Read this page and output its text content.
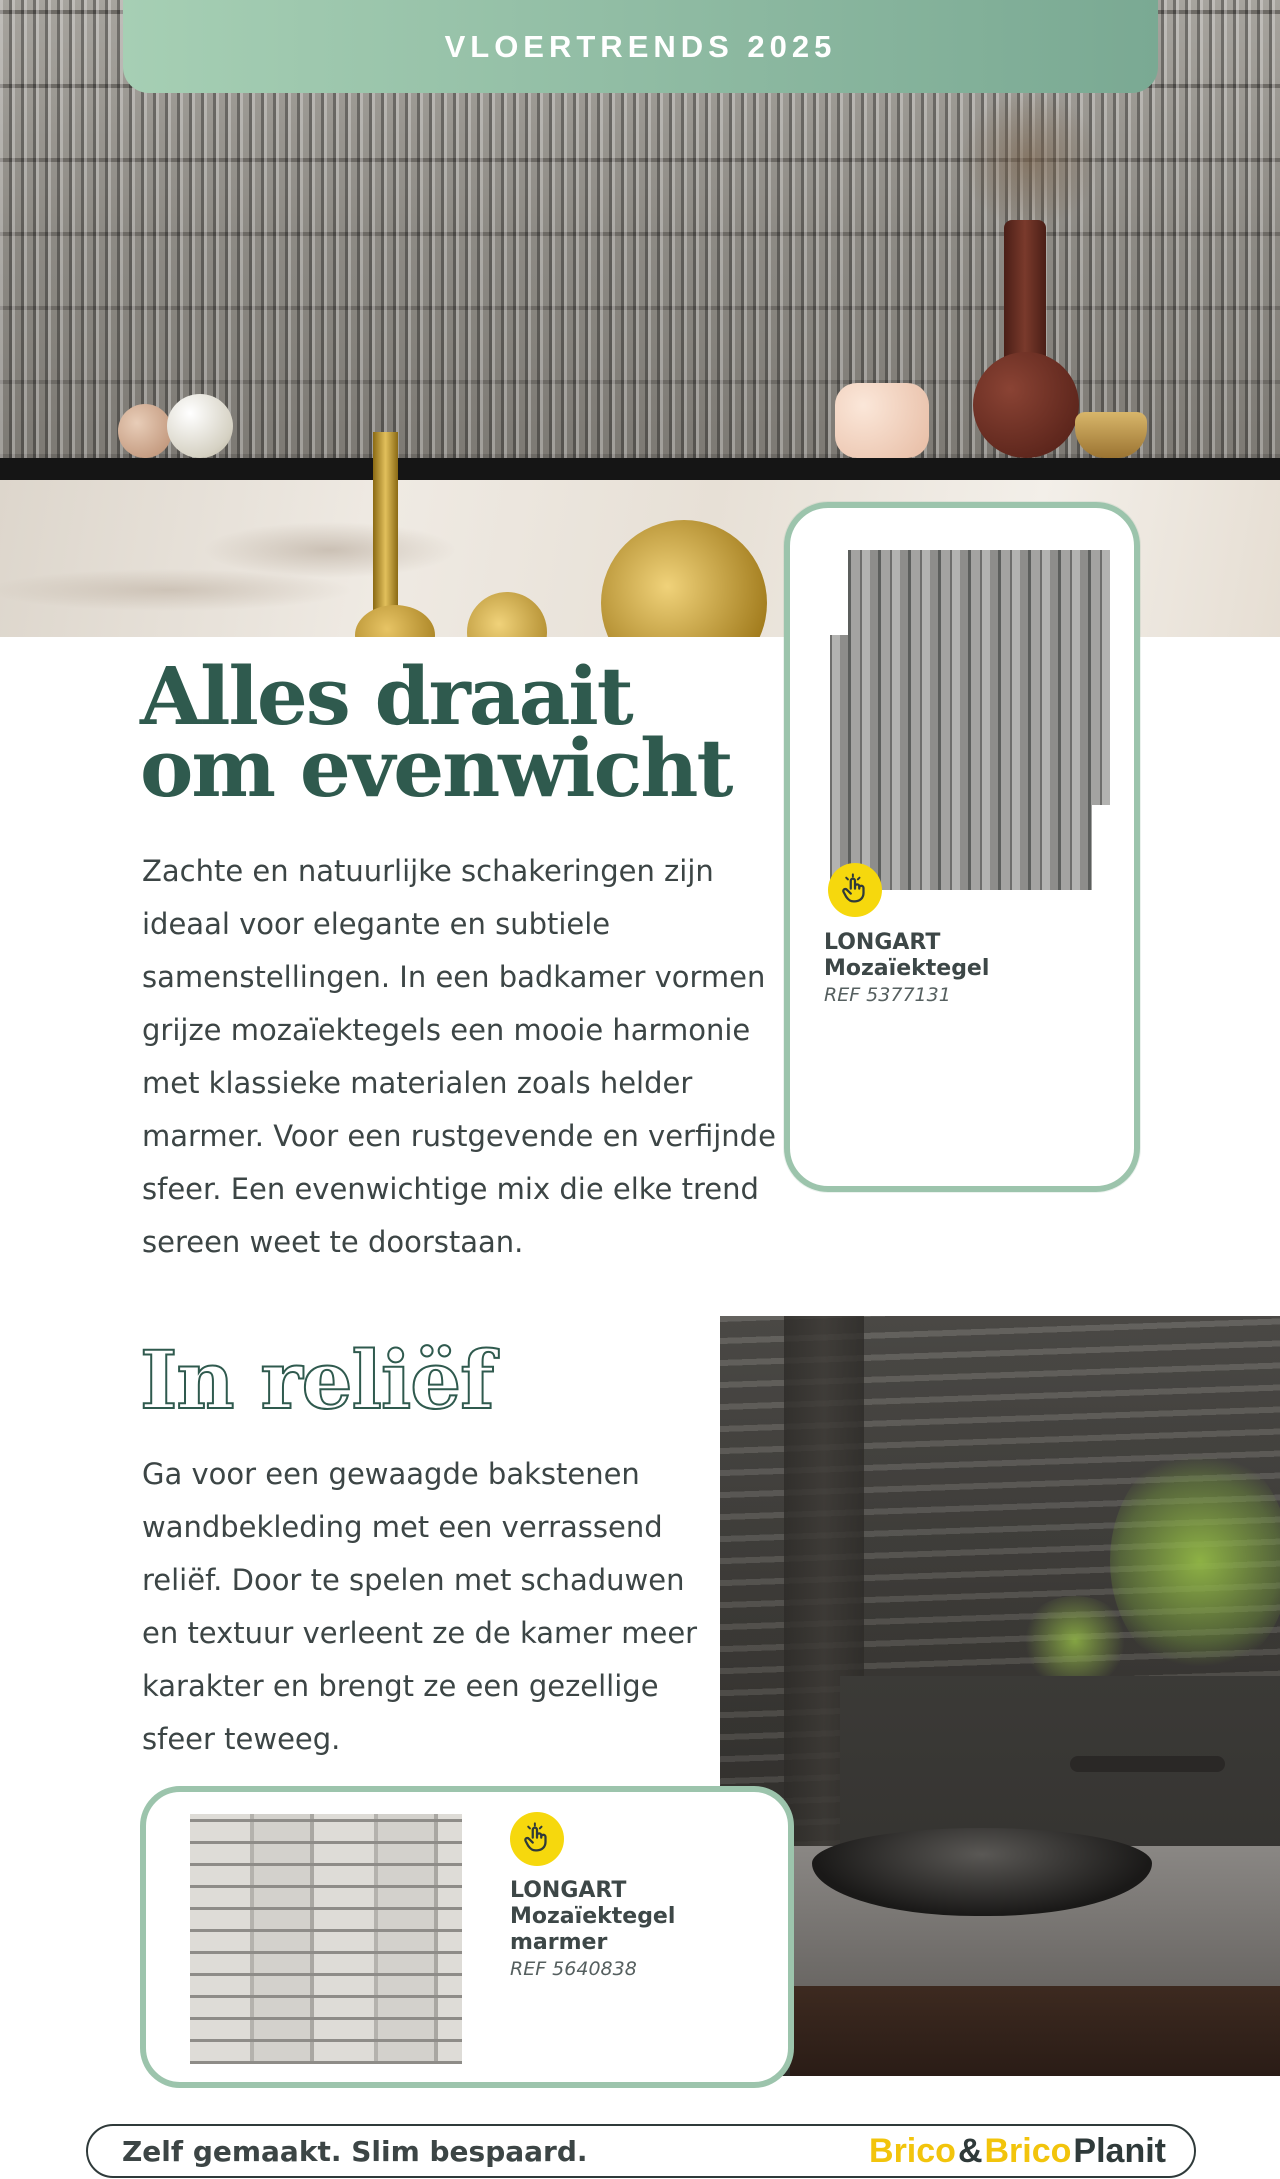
VLOERTRENDS 2025
LONGART
Mozaïektegel
REF 5377131
Alles draait
om evenwicht

Zachte en natuurlijke schakeringen zijn ideaal voor elegante en subtiele samenstellingen. In een badkamer vormen grijze mozaïektegels een mooie harmonie met klassieke materialen zoals helder marmer. Voor een rustgevende en verfijnde sfeer. Een evenwichtige mix die elke trend sereen weet te doorstaan.

In reliëf

Ga voor een gewaagde bakstenen wandbekleding met een verrassend reliëf. Door te spelen met schaduwen en textuur verleent ze de kamer meer karakter en brengt ze een gezellige sfeer teweeg.

LONGART
Mozaïektegel
marmer
REF 5640838
Zelf gemaakt. Slim bespaard.	Brico & Brico Planit
